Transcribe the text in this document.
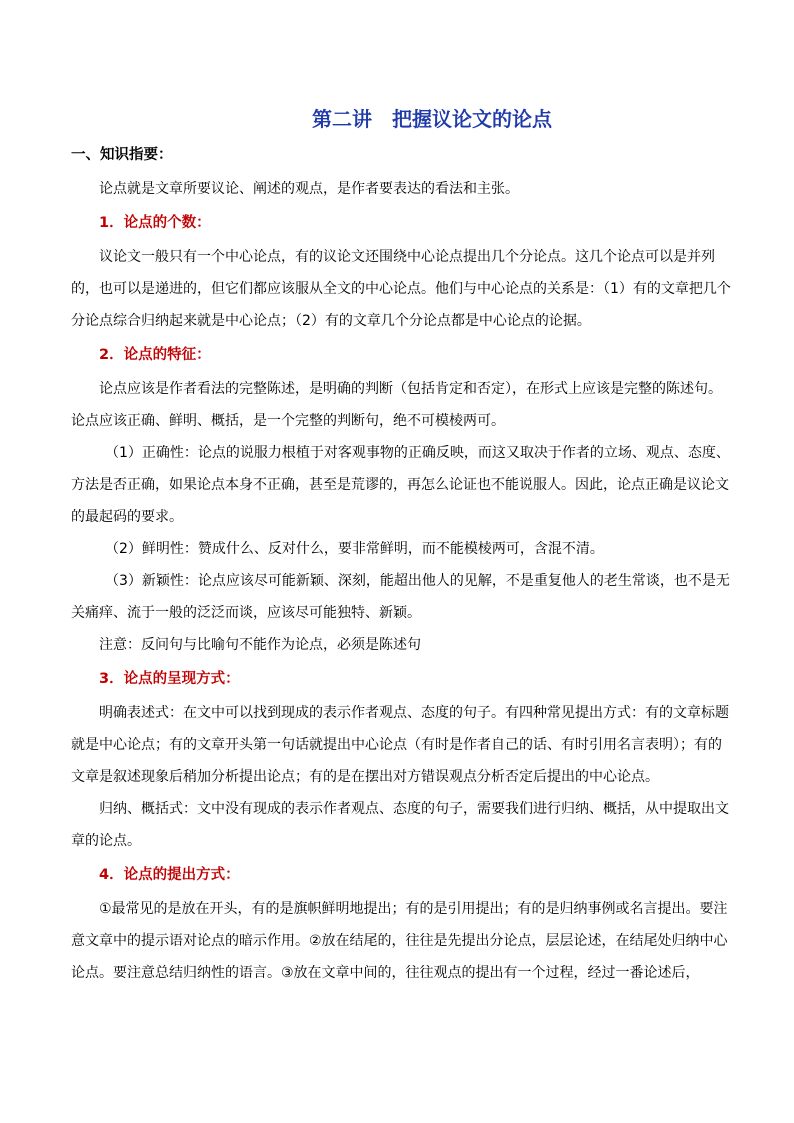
第二讲　把握议论文的论点
一、知识指要：

论点就是文章所要议论、阐述的观点，是作者要表达的看法和主张。

1．论点的个数：

议论文一般只有一个中心论点，有的议论文还围绕中心论点提出几个分论点。这几个论点可以是并列的，也可以是递进的，但它们都应该服从全文的中心论点。他们与中心论点的关系是：（1）有的文章把几个分论点综合归纳起来就是中心论点；（2）有的文章几个分论点都是中心论点的论据。

2．论点的特征：

论点应该是作者看法的完整陈述，是明确的判断（包括肯定和否定），在形式上应该是完整的陈述句。论点应该正确、鲜明、概括，是一个完整的判断句，绝不可模棱两可。

（1）正确性：论点的说服力根植于对客观事物的正确反映，而这又取决于作者的立场、观点、态度、方法是否正确，如果论点本身不正确，甚至是荒谬的，再怎么论证也不能说服人。因此，论点正确是议论文的最起码的要求。

（2）鲜明性：赞成什么、反对什么，要非常鲜明，而不能模棱两可，含混不清。

（3）新颖性：论点应该尽可能新颖、深刻，能超出他人的见解，不是重复他人的老生常谈，也不是无关痛痒、流于一般的泛泛而谈，应该尽可能独特、新颖。

注意：反问句与比喻句不能作为论点，必须是陈述句

3．论点的呈现方式：

明确表述式：在文中可以找到现成的表示作者观点、态度的句子。有四种常见提出方式：有的文章标题就是中心论点；有的文章开头第一句话就提出中心论点（有时是作者自己的话、有时引用名言表明）；有的文章是叙述现象后稍加分析提出论点；有的是在摆出对方错误观点分析否定后提出的中心论点。

归纳、概括式：文中没有现成的表示作者观点、态度的句子，需要我们进行归纳、概括，从中提取出文章的论点。

4．论点的提出方式：

①最常见的是放在开头，有的是旗帜鲜明地提出；有的是引用提出；有的是归纳事例或名言提出。要注意文章中的提示语对论点的暗示作用。②放在结尾的，往往是先提出分论点，层层论述，在结尾处归纳中心论点。要注意总结归纳性的语言。③放在文章中间的，往往观点的提出有一个过程，经过一番论述后，
